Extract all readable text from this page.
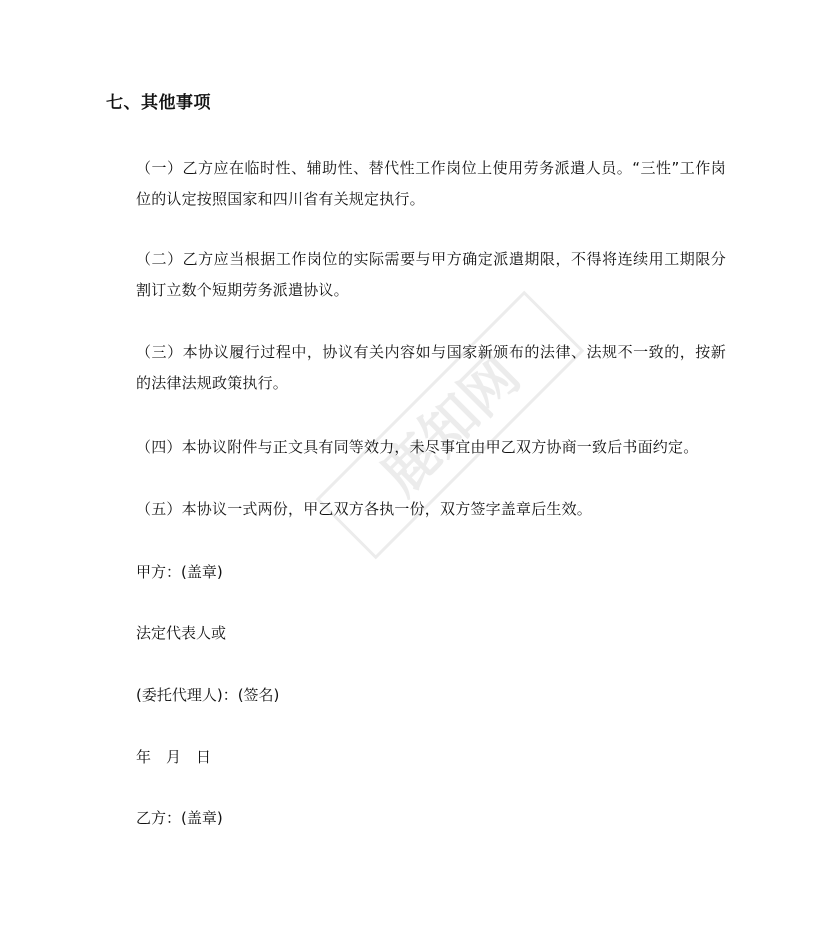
七、其他事项
（一）乙方应在临时性、辅助性、替代性工作岗位上使用劳务派遣人员。“三性”工作岗位的认定按照国家和四川省有关规定执行。
（二）乙方应当根据工作岗位的实际需要与甲方确定派遣期限，不得将连续用工期限分割订立数个短期劳务派遣协议。
（三）本协议履行过程中，协议有关内容如与国家新颁布的法律、法规不一致的，按新的法律法规政策执行。
（四）本协议附件与正文具有同等效力，未尽事宜由甲乙双方协商一致后书面约定。
（五）本协议一式两份，甲乙双方各执一份，双方签字盖章后生效。
甲方：(盖章)
法定代表人或
(委托代理人)：(签名)
年　月　日
乙方：(盖章)
鹿知网
